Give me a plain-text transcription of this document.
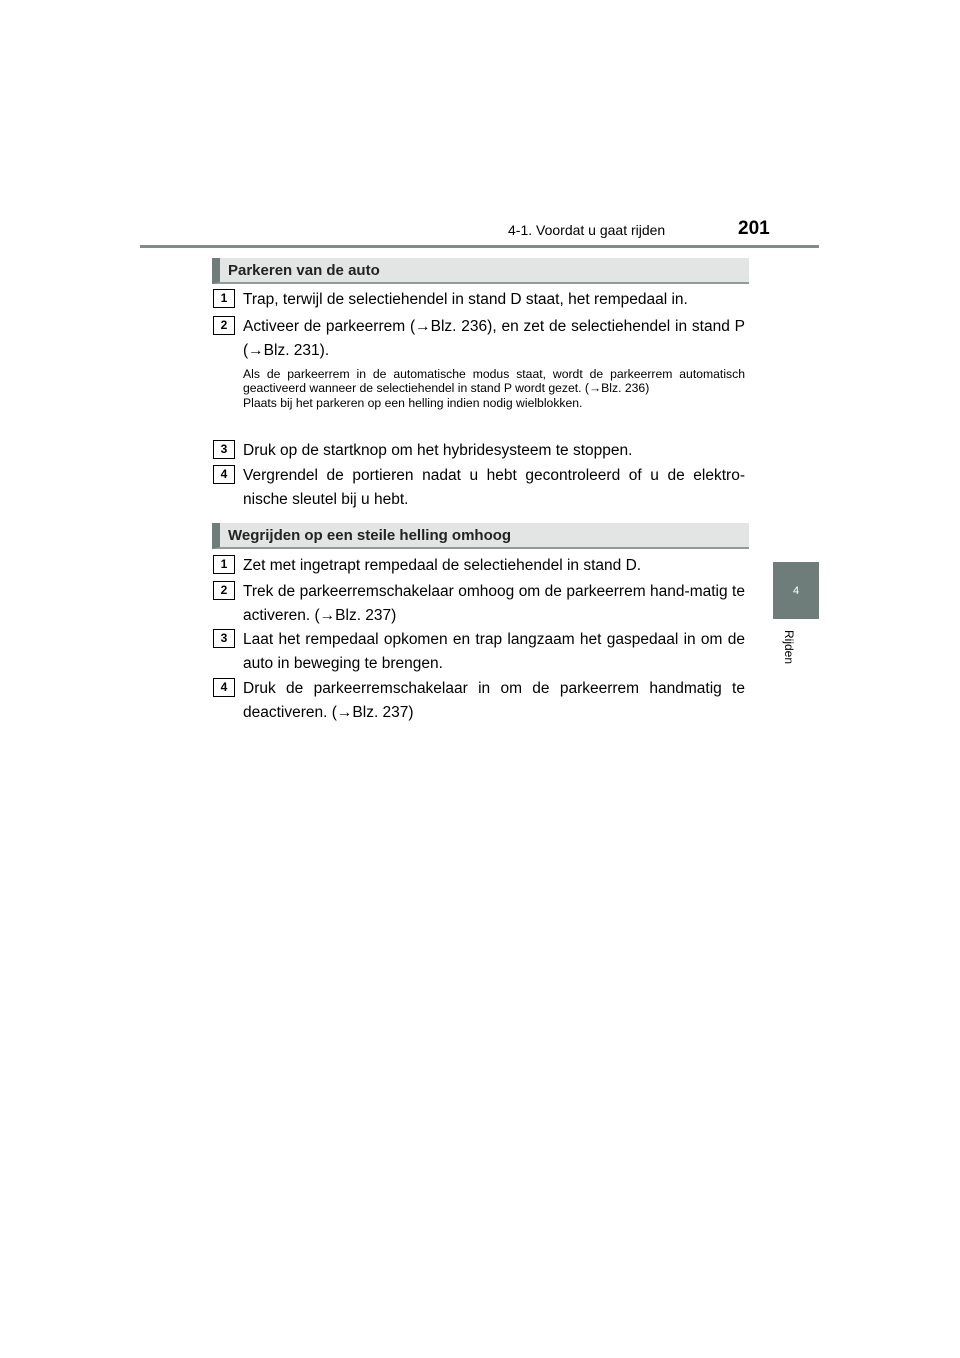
4-1. Voordat u gaat rijden	201
4
Rijden
Parkeren van de auto
1	Trap, terwijl de selectiehendel in stand D staat, het rempedaal in.
2	Activeer de parkeerrem (→Blz. 236), en zet de selectiehendel in stand P (→Blz. 231).

Als de parkeerrem in de automatische modus staat, wordt de parkeerrem automatisch geactiveerd wanneer de selectiehendel in stand P wordt gezet. (→Blz. 236)

Plaats bij het parkeren op een helling indien nodig wielblokken.

3	Druk op de startknop om het hybridesysteem te stoppen.
4	Vergrendel de portieren nadat u hebt gecontroleerd of u de elektro-nische sleutel bij u hebt.
Wegrijden op een steile helling omhoog
1	Zet met ingetrapt rempedaal de selectiehendel in stand D.
2	Trek de parkeerremschakelaar omhoog om de parkeerrem hand-matig te activeren. (→Blz. 237)
3	Laat het rempedaal opkomen en trap langzaam het gaspedaal in om de auto in beweging te brengen.
4	Druk de parkeerremschakelaar in om de parkeerrem handmatig te deactiveren. (→Blz. 237)
